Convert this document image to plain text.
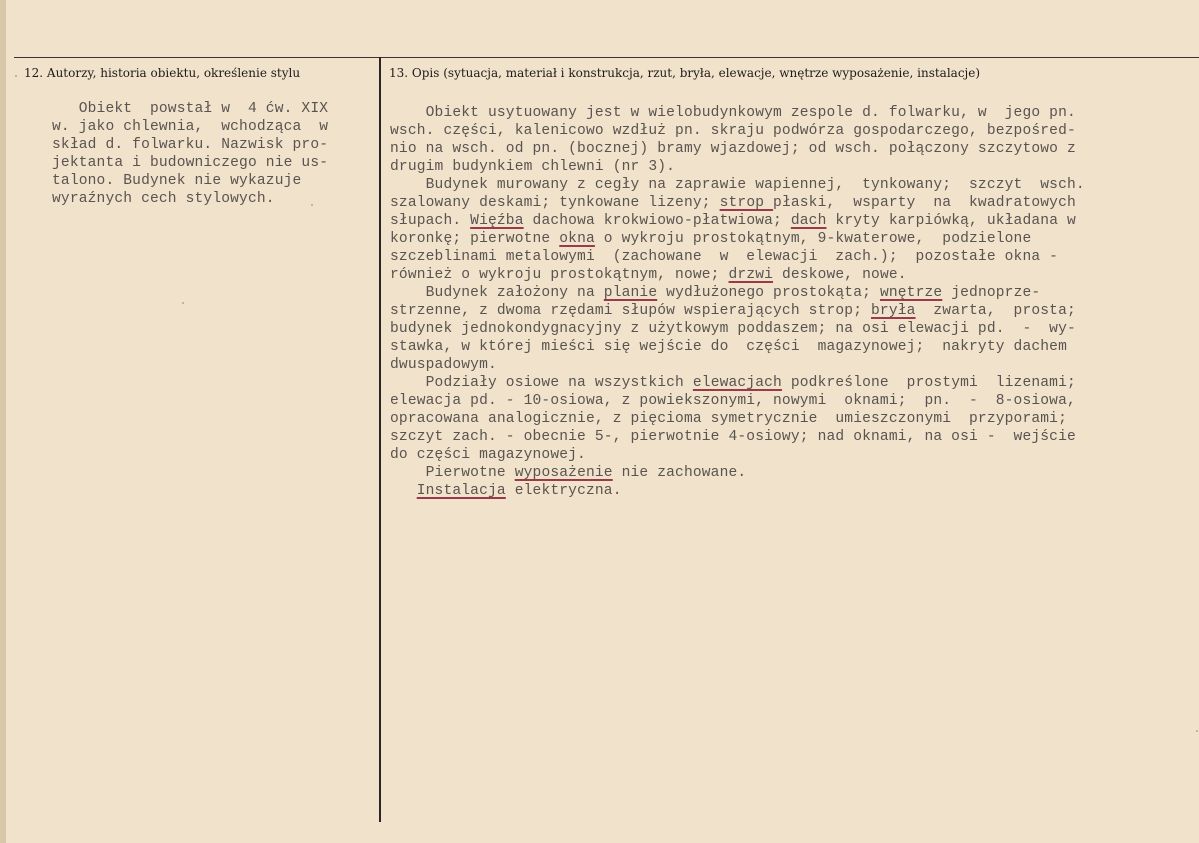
12. Autorzy, historia obiektu, określenie stylu	13. Opis (sytuacja, materiał i konstrukcja, rzut, bryła, elewacje, wnętrze wyposażenie, instalacje)
Obiekt  powstał w  4 ćw. XIX
w. jako chlewnia,  wchodząca  w
skład d. folwarku. Nazwisk pro-
jektanta i budowniczego nie us-
talono. Budynek nie wykazuje
wyraźnych cech stylowych.
Obiekt usytuowany jest w wielobudynkowym zespole d. folwarku, w  jego pn.
wsch. części, kalenicowo wzdłuż pn. skraju podwórza gospodarczego, bezpośred-
nio na wsch. od pn. (bocznej) bramy wjazdowej; od wsch. połączony szczytowo z
drugim budynkiem chlewni (nr 3).
Budynek murowany z cegły na zaprawie wapiennej,  tynkowany;  szczyt  wsch.
szalowany deskami; tynkowane lizeny; strop płaski,  wsparty  na  kwadratowych
słupach. Więźba dachowa krokwiowo-płatwiowa; dach kryty karpiówką, układana w
koronkę; pierwotne okna o wykroju prostokątnym, 9-kwaterowe,  podzielone
szczeblinami metalowymi  (zachowane  w  elewacji  zach.);  pozostałe okna -
również o wykroju prostokątnym, nowe; drzwi deskowe, nowe.
Budynek założony na planie wydłużonego prostokąta; wnętrze jednoprze-
strzenne, z dwoma rzędami słupów wspierających strop; bryła  zwarta,  prosta;
budynek jednokondygnacyjny z użytkowym poddaszem; na osi elewacji pd.  -  wy-
stawka, w której mieści się wejście do  części  magazynowej;  nakryty dachem
dwuspadowym.
Podziały osiowe na wszystkich elewacjach podkreślone  prostymi  lizenami;
elewacja pd. - 10-osiowa, z powiekszonymi, nowymi  oknami;  pn.  -  8-osiowa,
opracowana analogicznie, z pięcioma symetrycznie  umieszczonymi  przyporami;
szczyt zach. - obecnie 5-, pierwotnie 4-osiowy; nad oknami, na osi -  wejście
do części magazynowej.
Pierwotne wyposażenie nie zachowane.
Instalacja elektryczna.
